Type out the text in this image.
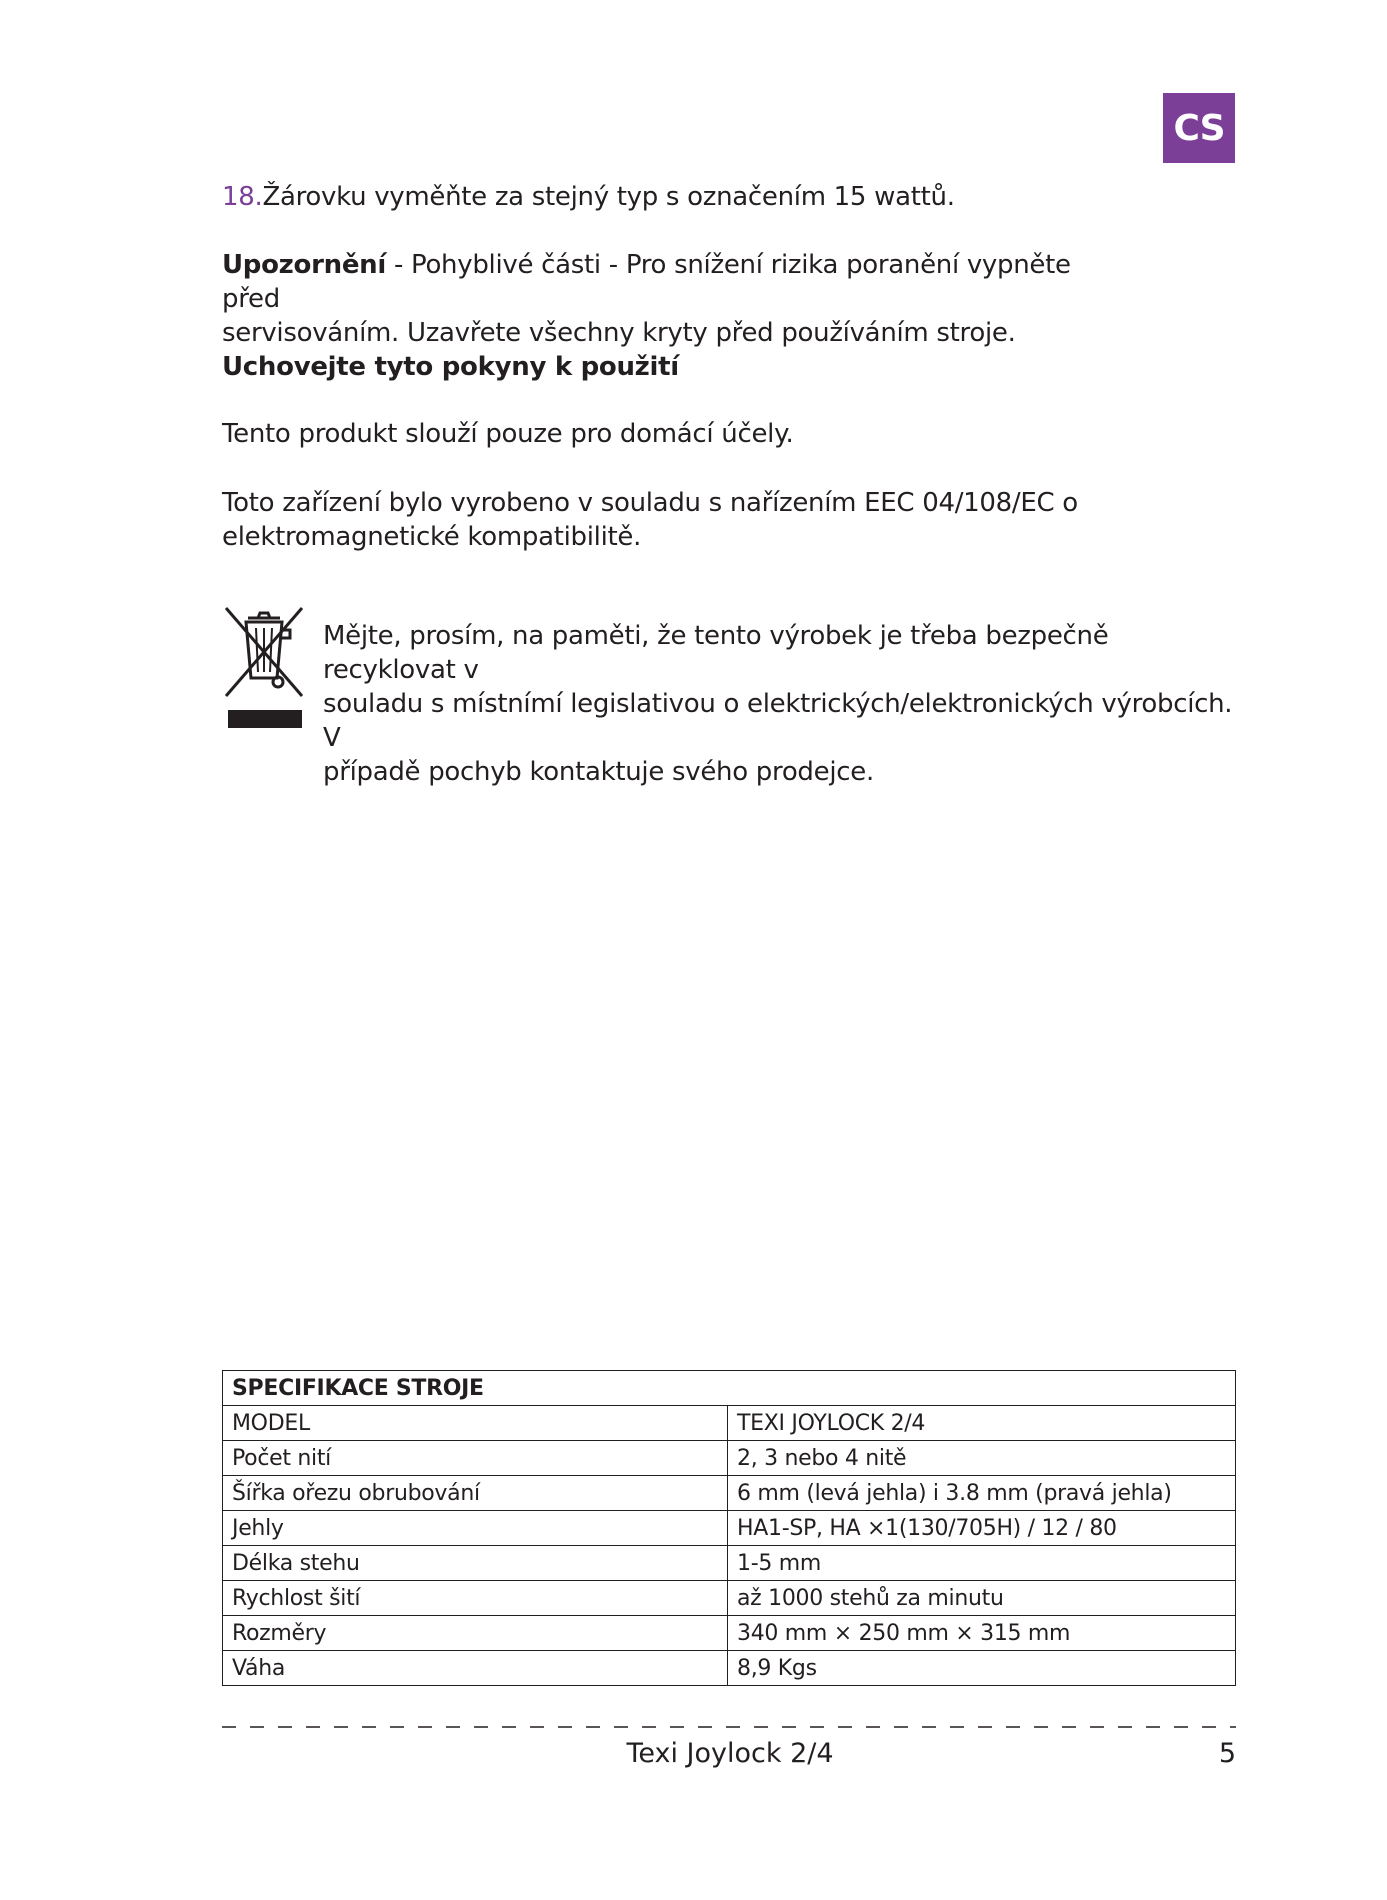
CS
18.Žárovku vyměňte za stejný typ s označením 15 wattů.
Upozornění - Pohyblivé části - Pro snížení rizika poranění vypněte před
servisováním. Uzavřete všechny kryty před používáním stroje.
Uchovejte tyto pokyny k použití
Tento produkt slouží pouze pro domácí účely.
Toto zařízení bylo vyrobeno v souladu s nařízením EEC 04/108/EC o
elektromagnetické kompatibilitě.
Mějte, prosím, na paměti, že tento výrobek je třeba bezpečně recyklovat v
souladu s místnímí legislativou o elektrických/elektronických výrobcích. V
případě pochyb kontaktuje svého prodejce.
SPECIFIKACE STROJE	
MODEL	TEXI JOYLOCK 2/4
Počet nití	2, 3 nebo 4 nitě
Šířka ořezu obrubování	6 mm (levá jehla) i 3.8 mm (pravá jehla)
Jehly	HA1-SP, HA ×1(130/705H) / 12 / 80
Délka stehu	1-5 mm
Rychlost šití	až 1000 stehů za minutu
Rozměry	340 mm × 250 mm × 315 mm
Váha	8,9 Kgs
Texi Joylock 2/4	5
